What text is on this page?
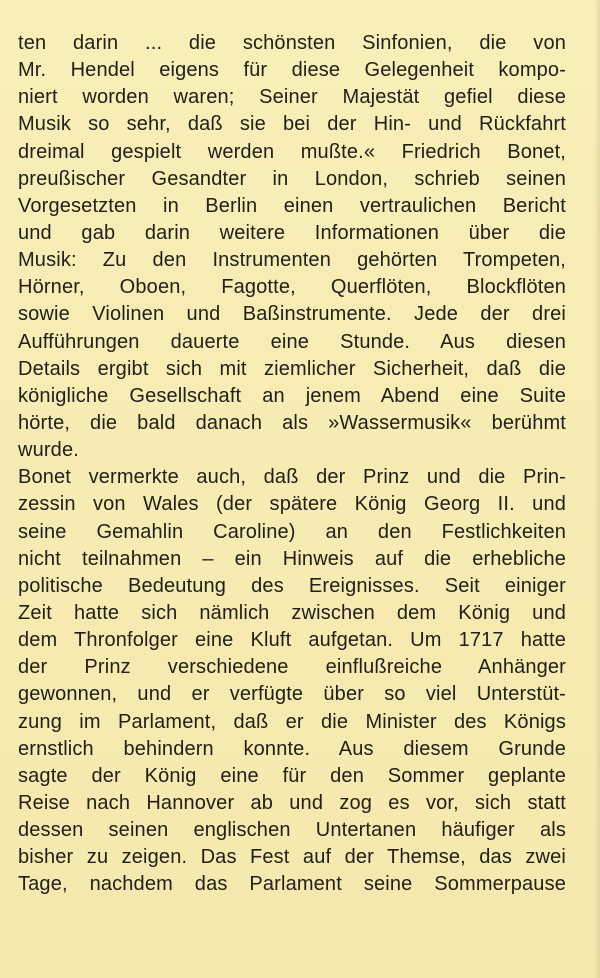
ten darin ... die schönsten Sinfonien, die von
Mr. Hendel eigens für diese Gelegenheit kompo-
niert worden waren; Seiner Majestät gefiel diese
Musik so sehr, daß sie bei der Hin- und Rückfahrt
dreimal gespielt werden mußte.« Friedrich Bonet,
preußischer Gesandter in London, schrieb seinen
Vorgesetzten in Berlin einen vertraulichen Bericht
und gab darin weitere Informationen über die
Musik: Zu den Instrumenten gehörten Trompeten,
Hörner, Oboen, Fagotte, Querflöten, Blockflöten
sowie Violinen und Baßinstrumente. Jede der drei
Aufführungen dauerte eine Stunde. Aus diesen
Details ergibt sich mit ziemlicher Sicherheit, daß die
königliche Gesellschaft an jenem Abend eine Suite
hörte, die bald danach als »Wassermusik« berühmt
wurde.
Bonet vermerkte auch, daß der Prinz und die Prin-
zessin von Wales (der spätere König Georg II. und
seine Gemahlin Caroline) an den Festlichkeiten
nicht teilnahmen – ein Hinweis auf die erhebliche
politische Bedeutung des Ereignisses. Seit einiger
Zeit hatte sich nämlich zwischen dem König und
dem Thronfolger eine Kluft aufgetan. Um 1717 hatte
der Prinz verschiedene einflußreiche Anhänger
gewonnen, und er verfügte über so viel Unterstüt-
zung im Parlament, daß er die Minister des Königs
ernstlich behindern konnte. Aus diesem Grunde
sagte der König eine für den Sommer geplante
Reise nach Hannover ab und zog es vor, sich statt
dessen seinen englischen Untertanen häufiger als
bisher zu zeigen. Das Fest auf der Themse, das zwei
Tage, nachdem das Parlament seine Sommerpause
